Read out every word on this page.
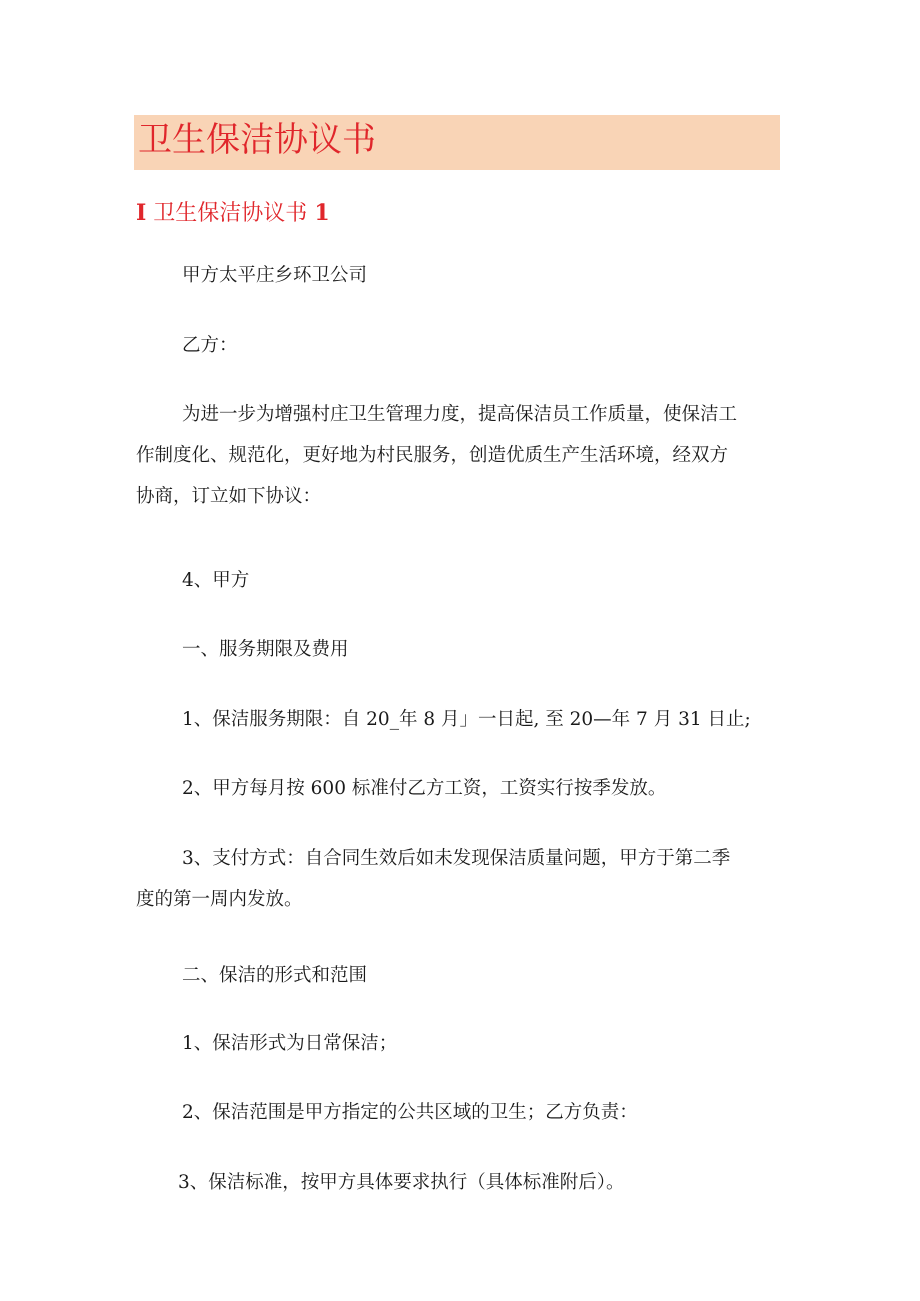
卫生保洁协议书
I 卫生保洁协议书 1
甲方太平庄乡环卫公司
乙方：
为进一步为增强村庄卫生管理力度，提高保洁员工作质量，使保洁工
作制度化、规范化，更好地为村民服务，创造优质生产生活环境，经双方
协商，订立如下协议：
4、甲方
一、服务期限及费用
1、保洁服务期限：自 20_年 8 月」一日起, 至 20—年 7 月 31 日止;
2、甲方每月按 600 标准付乙方工资，工资实行按季发放。
3、支付方式：自合同生效后如未发现保洁质量问题，甲方于第二季
度的第一周内发放。
二、保洁的形式和范围
1、保洁形式为日常保洁；
2、保洁范围是甲方指定的公共区域的卫生；乙方负责：
3、保洁标准，按甲方具体要求执行（具体标准附后）。
